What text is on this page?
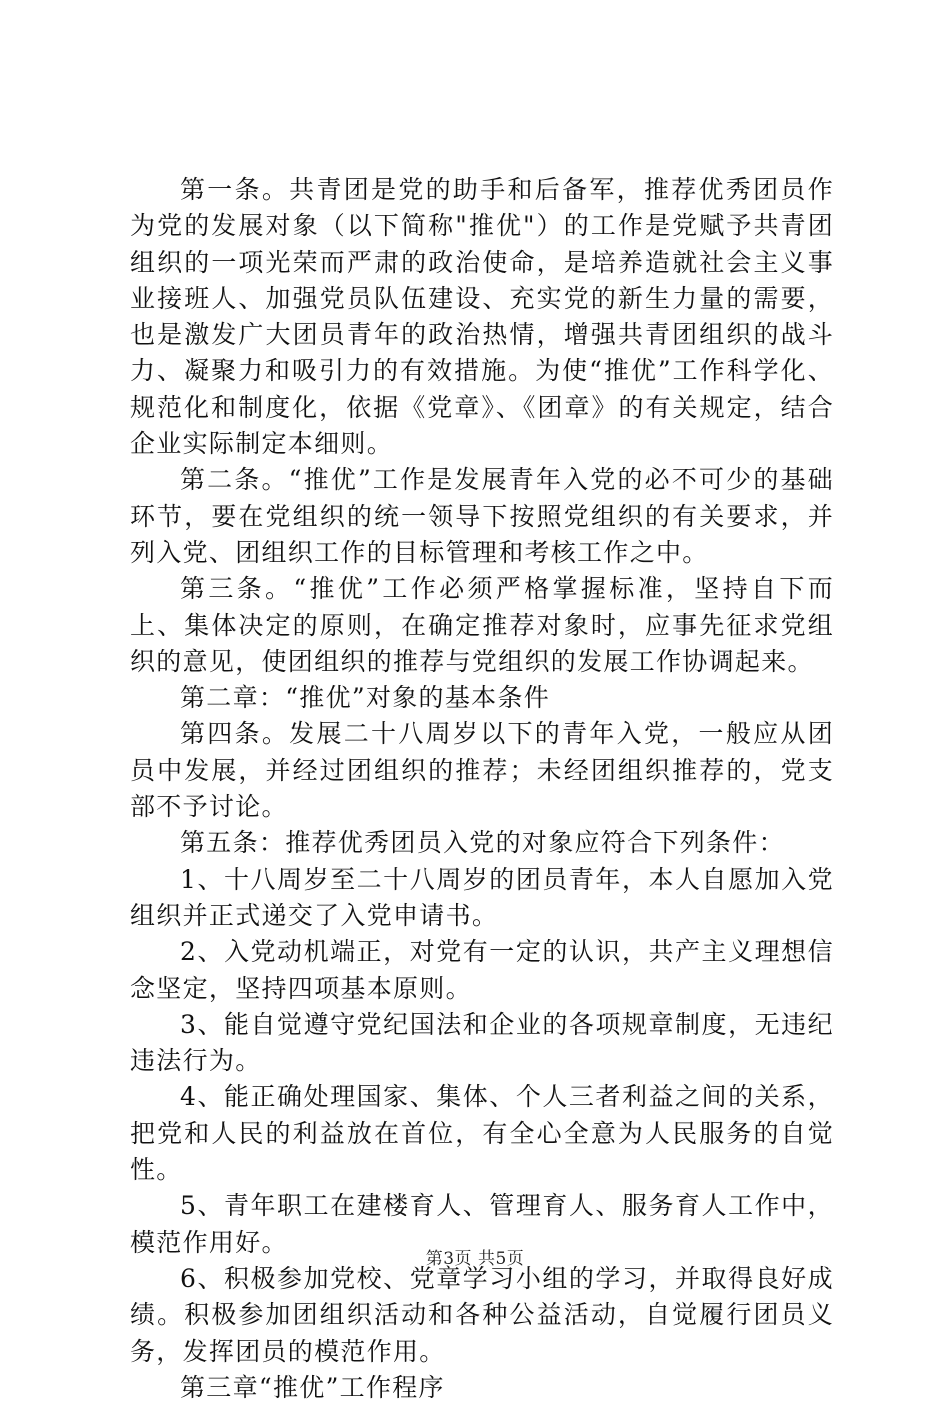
第一条。共青团是党的助手和后备军，推荐优秀团员作为党的发展对象（以下简称"推优"）的工作是党赋予共青团组织的一项光荣而严肃的政治使命，是培养造就社会主义事业接班人、加强党员队伍建设、充实党的新生力量的需要，也是激发广大团员青年的政治热情，增强共青团组织的战斗力、凝聚力和吸引力的有效措施。为使“推优”工作科学化、规范化和制度化，依据《党章》、《团章》的有关规定，结合企业实际制定本细则。

第二条。“推优”工作是发展青年入党的必不可少的基础环节，要在党组织的统一领导下按照党组织的有关要求，并列入党、团组织工作的目标管理和考核工作之中。

第三条。“推优”工作必须严格掌握标准，坚持自下而上、集体决定的原则，在确定推荐对象时，应事先征求党组织的意见，使团组织的推荐与党组织的发展工作协调起来。

第二章：“推优”对象的基本条件

第四条。发展二十八周岁以下的青年入党，一般应从团员中发展，并经过团组织的推荐；未经团组织推荐的，党支部不予讨论。

第五条：推荐优秀团员入党的对象应符合下列条件：

1、十八周岁至二十八周岁的团员青年，本人自愿加入党组织并正式递交了入党申请书。

2、入党动机端正，对党有一定的认识，共产主义理想信念坚定，坚持四项基本原则。

3、能自觉遵守党纪国法和企业的各项规章制度，无违纪违法行为。

4、能正确处理国家、集体、个人三者利益之间的关系，把党和人民的利益放在首位，有全心全意为人民服务的自觉性。

5、青年职工在建楼育人、管理育人、服务育人工作中，模范作用好。

6、积极参加党校、党章学习小组的学习，并取得良好成绩。积极参加团组织活动和各种公益活动，自觉履行团员义务，发挥团员的模范作用。

第三章“推优”工作程序

第3页 共5页
